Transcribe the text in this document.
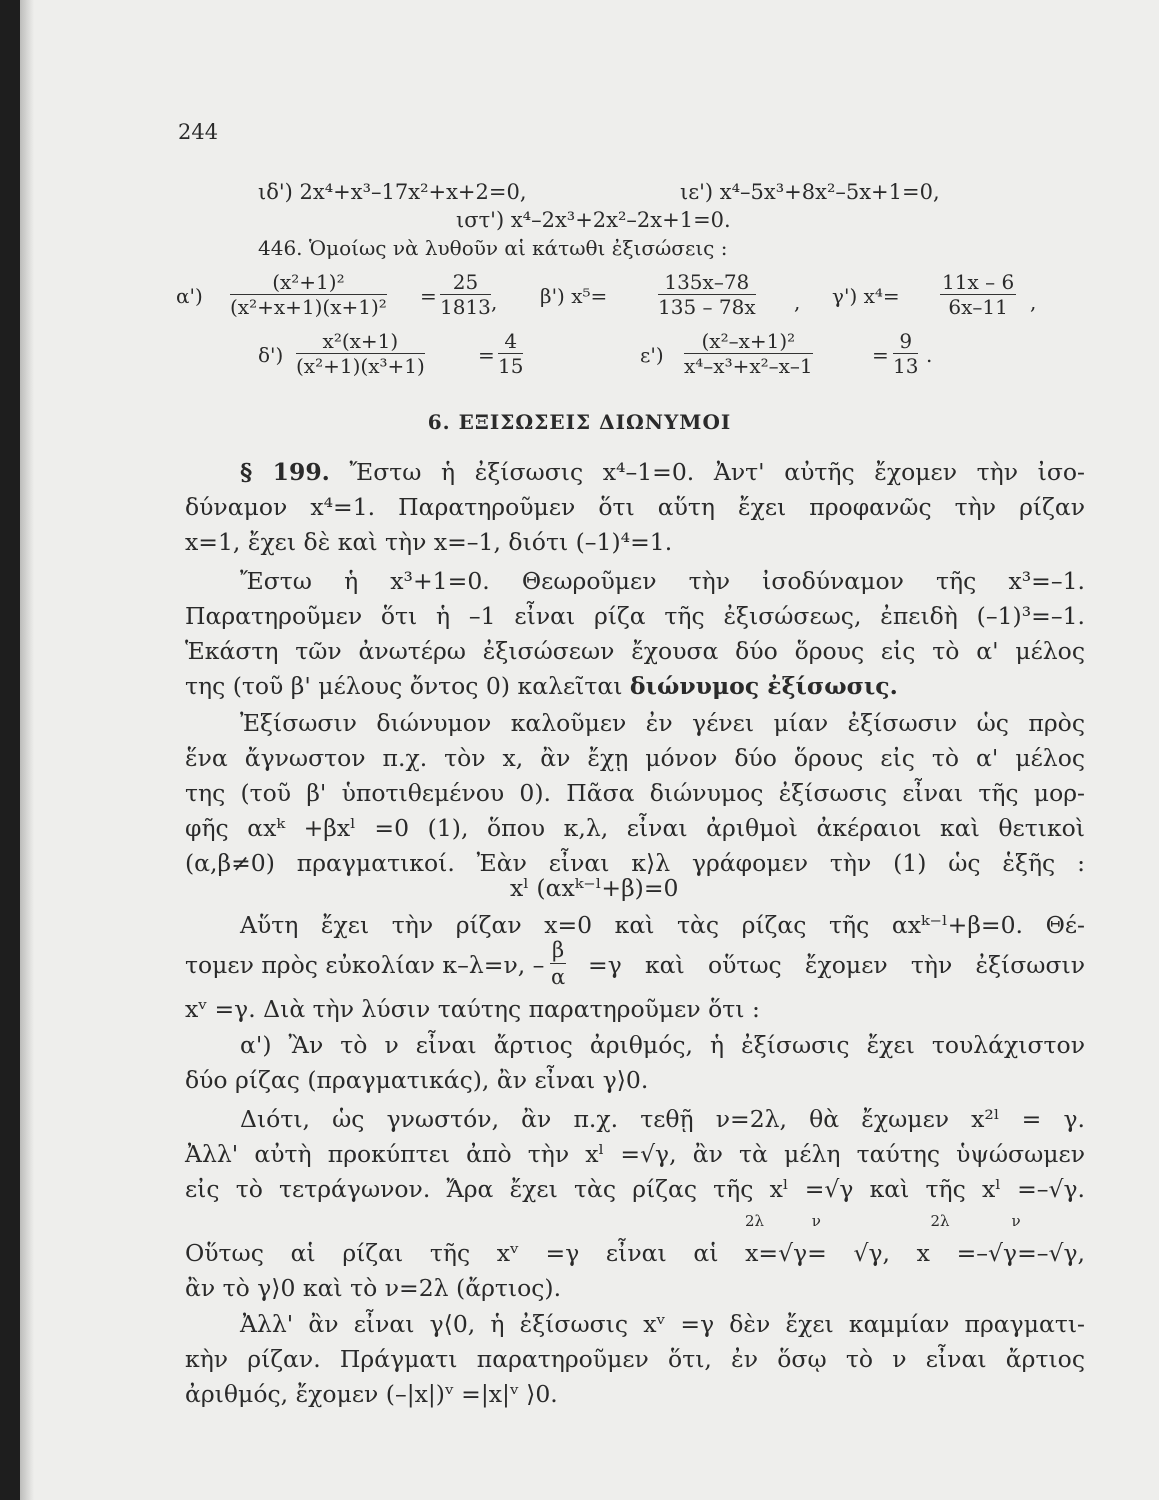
244
ιδ') 2x⁴+x³–17x²+x+2=0,	ιε') x⁴–5x³+8x²–5x+1=0,
ιστ') x⁴–2x³+2x²–2x+1=0.
446. Ὁμοίως νὰ λυθοῦν αἱ κάτωθι ἐξισώσεις :
$\alpha') \frac{\text{(x²+1)²}}{\text{(x²+x+1)(x+1)²}} = \frac{25}{1813}$ , β') x⁵=	$\frac{135x-78}{135 - 78x}$ , γ') $x^4= \frac{11x - 6}{6x-11}$ ,
$\delta') \frac{\text{x²(x+1)}}{\text{(x²+1)(x³+1)}}$	= $\frac{4}{15}$	$\varepsilon') \frac{\text{(x²–x+1)²}}{\text{x⁴–x³+x²–x–1}}$	= $\frac{9}{13}$ .
6. ΕΞΙΣΩΣΕΙΣ ΔΙΩΝΥΜΟΙ
§ 199. Ἔστω ἡ ἐξίσωσις x⁴–1=0. Ἀντ' αὐτῆς ἔχομεν τὴν ἰσο-
δύναμον x⁴=1. Παρατηροῦμεν ὅτι αὕτη ἔχει προφανῶς τὴν ρίζαν
x=1, ἔχει δὲ καὶ τὴν x=–1, διότι (–1)⁴=1.
Ἔστω ἡ x³+1=0. Θεωροῦμεν τὴν ἰσοδύναμον τῆς x³=–1.
Παρατηροῦμεν ὅτι ἡ –1 εἶναι ρίζα τῆς ἐξισώσεως, ἐπειδὴ (–1)³=–1.
Ἑκάστη τῶν ἀνωτέρω ἐξισώσεων ἔχουσα δύο ὅρους εἰς τὸ α' μέλος
της (τοῦ β' μέλους ὄντος 0) καλεῖται διώνυμος ἐξίσωσις.
Ἐξίσωσιν διώνυμον καλοῦμεν ἐν γένει μίαν ἐξίσωσιν ὡς πρὸς
ἕνα ἄγνωστον π.χ. τὸν x, ἂν ἔχῃ μόνον δύο ὅρους εἰς τὸ α' μέλος
της (τοῦ β' ὑποτιθεμένου 0). Πᾶσα διώνυμος ἐξίσωσις εἶναι τῆς μορ-
φῆς αxᵏ +βxˡ =0 (1), ὅπου κ,λ, εἶναι ἀριθμοὶ ἀκέραιοι καὶ θετικοὶ
(α,β≠0) πραγματικοί. Ἐὰν εἶναι κ⟩λ γράφομεν τὴν (1) ὡς ἑξῆς :
xˡ (αxᵏ⁻ˡ+β)=0
Αὕτη ἔχει τὴν ρίζαν x=0 καὶ τὰς ρίζας τῆς αxᵏ⁻ˡ+β=0. Θέ-
τομεν πρὸς εὐκολίαν κ–λ=ν, – $\frac{\beta}{\alpha} =\gamma$ καὶ οὕτως ἔχομεν τὴν ἐξίσωσιν
xᵛ =γ. Διὰ τὴν λύσιν ταύτης παρατηροῦμεν ὅτι :
α') Ἂν τὸ ν εἶναι ἄρτιος ἀριθμός, ἡ ἐξίσωσις ἔχει τουλάχιστον
δύο ρίζας (πραγματικάς), ἂν εἶναι γ⟩0.
Διότι, ὡς γνωστόν, ἂν π.χ. τεθῇ ν=2λ, θὰ ἔχωμεν x²ˡ = γ.
Ἀλλ' αὐτὴ προκύπτει ἀπὸ τὴν xˡ =√γ, ἂν τὰ μέλη ταύτης ὑψώσωμεν
εἰς τὸ τετράγωνον. Ἄρα ἔχει τὰς ρίζας τῆς xˡ =√γ καὶ τῆς xˡ =–√γ.
2λ          ν                       2λ             ν
Οὕτως αἱ ρίζαι τῆς xᵛ =γ εἶναι αἱ x=√γ= √γ, x =–√γ=–√γ,
ἂν τὸ γ⟩0 καὶ τὸ ν=2λ (ἄρτιος).
Ἀλλ' ἂν εἶναι γ⟨0, ἡ ἐξίσωσις xᵛ =γ δὲν ἔχει καμμίαν πραγματι-
κὴν ρίζαν. Πράγματι παρατηροῦμεν ὅτι, ἐν ὅσῳ τὸ ν εἶναι ἄρτιος
ἀριθμός, ἔχομεν (–|x|)ᵛ =|x|ᵛ ⟩0.
